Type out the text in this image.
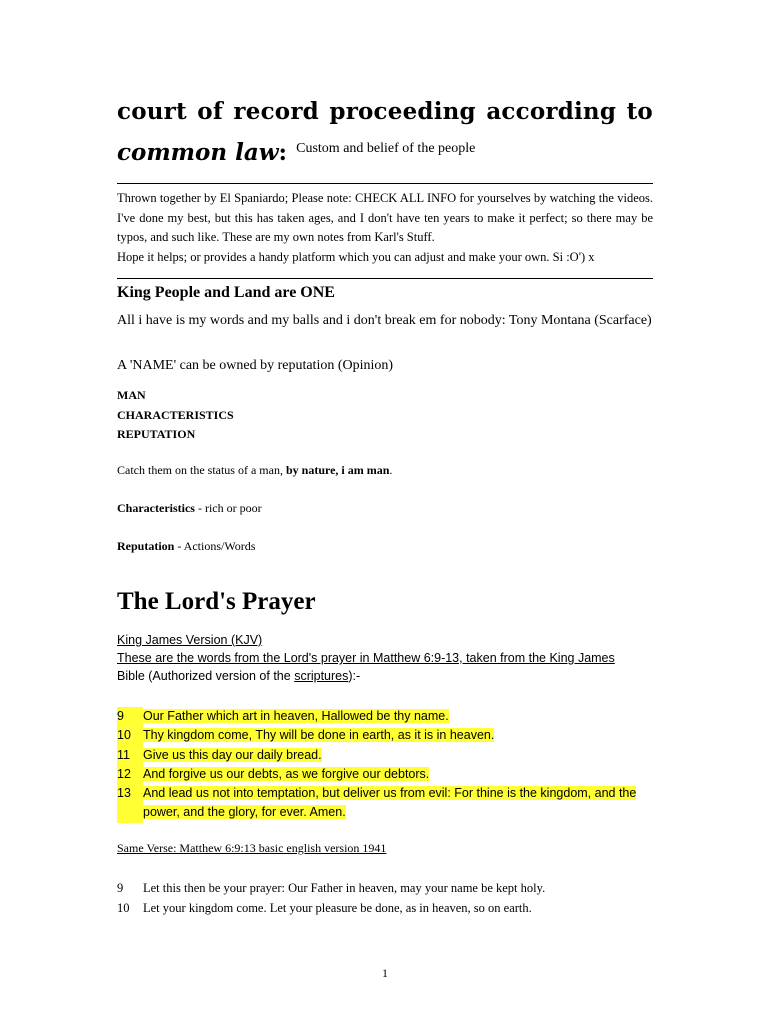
court of record proceeding according to
common law: Custom and belief of the people

Thrown together by El Spaniardo; Please note: CHECK ALL INFO for yourselves by watching the videos. I've done my best, but this has taken ages, and I don't have ten years to make it perfect; so there may be typos, and such like. These are my own notes from Karl's Stuff.

Hope it helps; or provides a handy platform which you can adjust and make your own. Si :O') x

King People and Land are ONE
All i have is my words and my balls and i don't break em for nobody: Tony Montana (Scarface)
A 'NAME' can be owned by reputation (Opinion)
MAN
CHARACTERISTICS
REPUTATION
Catch them on the status of a man, by nature, i am man.
Characteristics - rich or poor
Reputation - Actions/Words
The Lord's Prayer
King James Version (KJV)
These are the words from the Lord's prayer in Matthew 6:9-13, taken from the King James
Bible (Authorized version of the scriptures):-
9	Our Father which art in heaven, Hallowed be thy name.
10 Thy kingdom come, Thy will be done in earth, as it is in heaven.
11	Give us this day our daily bread.
12 And forgive us our debts, as we forgive our debtors.
13 And lead us not into temptation, but deliver us from evil: For thine is the kingdom, and the power, and the glory, for ever. Amen.
Same Verse: Matthew 6:9:13 basic english version 1941
9	Let this then be your prayer: Our Father in heaven, may your name be kept holy.
10	Let your kingdom come. Let your pleasure be done, as in heaven, so on earth.
1
